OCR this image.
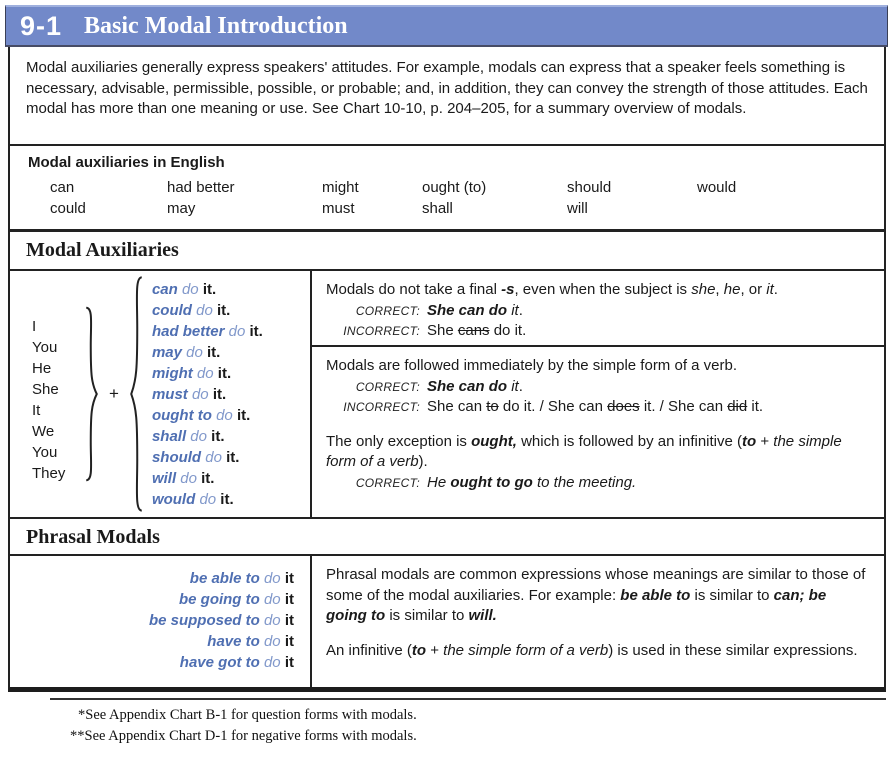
9-1 Basic Modal Introduction
Modal auxiliaries generally express speakers' attitudes. For example, modals can express that a speaker feels something is necessary, advisable, permissible, possible, or probable; and, in addition, they can convey the strength of those attitudes. Each modal has more than one meaning or use. See Chart 10-10, p. 204–205, for a summary overview of modals.
Modal auxiliaries in English
can
could
had better
may
might
must
ought (to)
shall
should
will
would
Modal Auxiliaries
I
You
He
She
It
We
You
They
+
can do it.
could do it.
had better do it.
may do it.
might do it.
must do it.
ought to do it.
shall do it.
should do it.
will do it.
would do it.
Modals do not take a final -s, even when the subject is she, he, or it.
CORRECT: She can do it.
INCORRECT: She cans do it.
Modals are followed immediately by the simple form of a verb.
CORRECT: She can do it.
INCORRECT: She can to do it. / She can does it. / She can did it.
The only exception is ought, which is followed by an infinitive (to + the simple form of a verb).
CORRECT: He ought to go to the meeting.
Phrasal Modals
be able to do it
be going to do it
be supposed to do it
have to do it
have got to do it
Phrasal modals are common expressions whose meanings are similar to those of some of the modal auxiliaries. For example: be able to is similar to can; be going to is similar to will.
An infinitive (to + the simple form of a verb) is used in these similar expressions.
*See Appendix Chart B-1 for question forms with modals.
**See Appendix Chart D-1 for negative forms with modals.
